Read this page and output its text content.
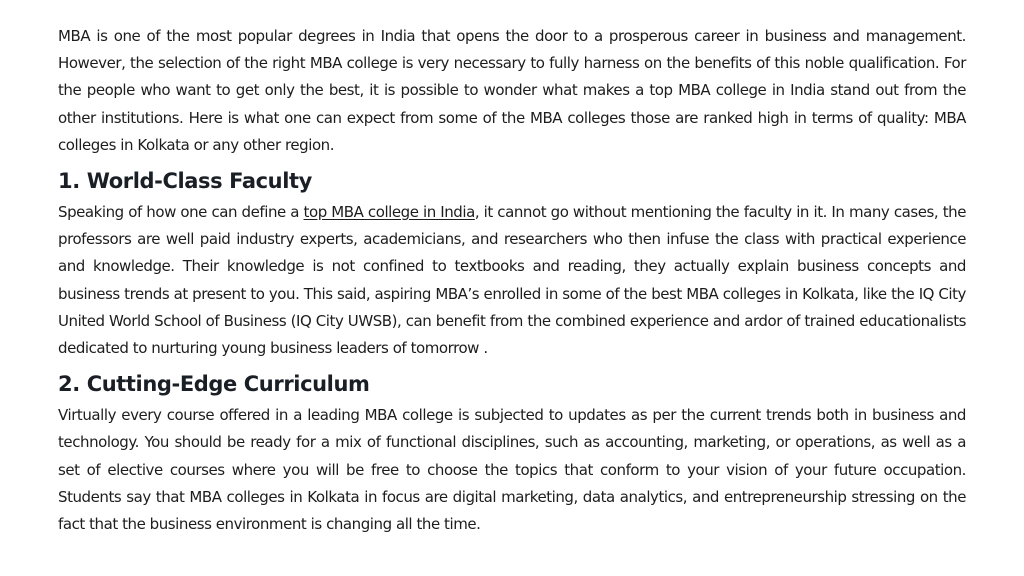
MBA is one of the most popular degrees in India that opens the door to a prosperous career in business and management. However, the selection of the right MBA college is very necessary to fully harness on the benefits of this noble qualification. For the people who want to get only the best, it is possible to wonder what makes a top MBA college in India stand out from the other institutions. Here is what one can expect from some of the MBA colleges those are ranked high in terms of quality: MBA colleges in Kolkata or any other region.

1. World-Class Faculty

Speaking of how one can define a top MBA college in India, it cannot go without mentioning the faculty in it. In many cases, the professors are well paid industry experts, academicians, and researchers who then infuse the class with practical experience and knowledge. Their knowledge is not confined to textbooks and reading, they actually explain business concepts and business trends at present to you. This said, aspiring MBA’s enrolled in some of the best MBA colleges in Kolkata, like the IQ City United World School of Business (IQ City UWSB), can benefit from the combined experience and ardor of trained educationalists dedicated to nurturing young business leaders of tomorrow .

2. Cutting-Edge Curriculum

Virtually every course offered in a leading MBA college is subjected to updates as per the current trends both in business and technology. You should be ready for a mix of functional disciplines, such as accounting, marketing, or operations, as well as a set of elective courses where you will be free to choose the topics that conform to your vision of your future occupation. Students say that MBA colleges in Kolkata in focus are digital marketing, data analytics, and entrepreneurship stressing on the fact that the business environment is changing all the time.
